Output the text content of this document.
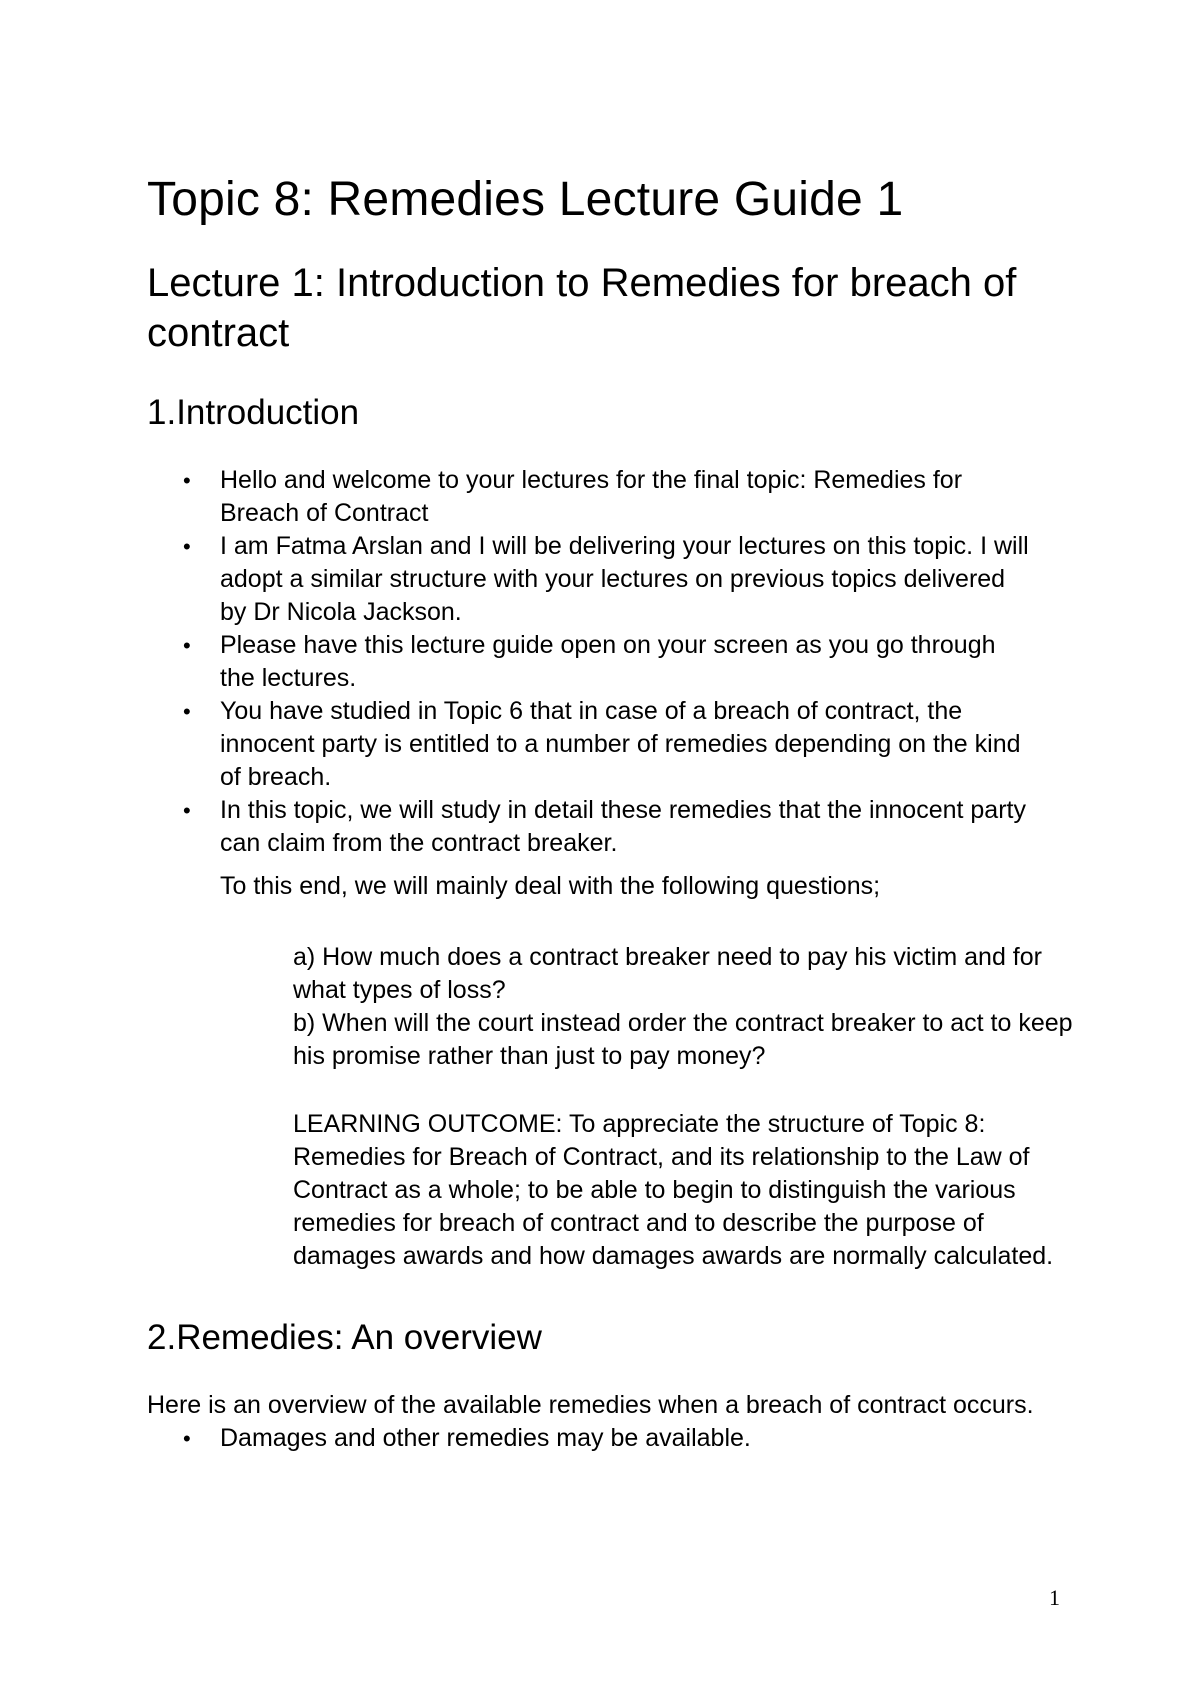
Topic 8: Remedies Lecture Guide 1
Lecture 1: Introduction to Remedies for breach of contract
1.Introduction
• Hello and welcome to your lectures for the final topic: Remedies for Breach of Contract
• I am Fatma Arslan and I will be delivering your lectures on this topic. I will adopt a similar structure with your lectures on previous topics delivered by Dr Nicola Jackson.
• Please have this lecture guide open on your screen as you go through the lectures.
• You have studied in Topic 6 that in case of a breach of contract, the innocent party is entitled to a number of remedies depending on the kind of breach.
• In this topic, we will study in detail these remedies that the innocent party can claim from the contract breaker.
To this end, we will mainly deal with the following questions;
a) How much does a contract breaker need to pay his victim and for what types of loss?
b) When will the court instead order the contract breaker to act to keep his promise rather than just to pay money?
LEARNING OUTCOME: To appreciate the structure of Topic 8: Remedies for Breach of Contract, and its relationship to the Law of Contract as a whole; to be able to begin to distinguish the various remedies for breach of contract and to describe the purpose of damages awards and how damages awards are normally calculated.
2.Remedies: An overview
Here is an overview of the available remedies when a breach of contract occurs.
• Damages and other remedies may be available.
1
